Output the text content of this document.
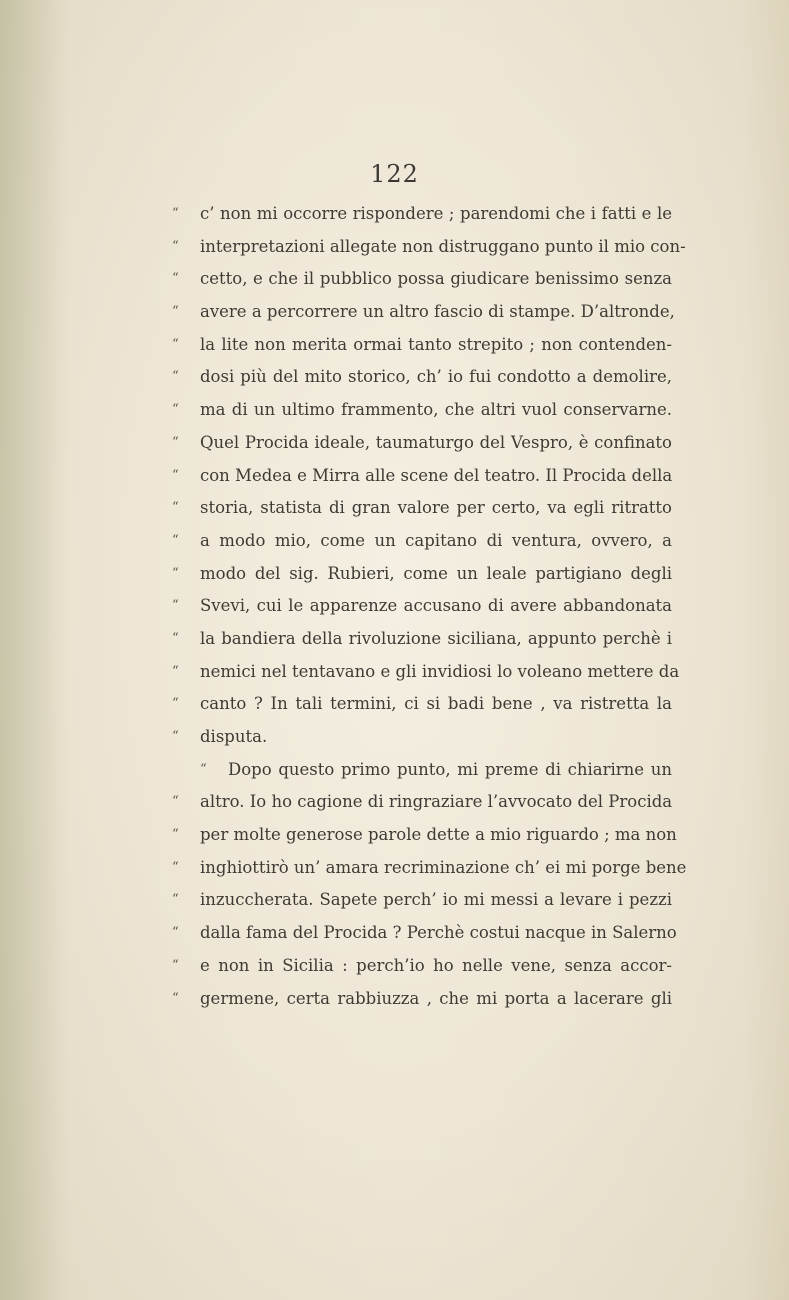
122
“ c’ non mi occorre rispondere ; parendomi che i fatti e le
“ interpretazioni allegate non distruggano punto il mio con-
“ cetto, e che il pubblico possa giudicare benissimo senza
“ avere a percorrere un altro fascio di stampe. D’altronde,
“ la lite non merita ormai tanto strepito ; non contenden-
“ dosi più del mito storico, ch’ io fui condotto a demolire,
“ ma di un ultimo frammento, che altri vuol conservarne.
“ Quel Procida ideale, taumaturgo del Vespro, è confinato
“ con Medea e Mirra alle scene del teatro. Il Procida della
“ storia, statista di gran valore per certo, va egli ritratto
“ a modo mio, come un capitano di ventura, ovvero, a
“ modo del sig. Rubieri, come un leale partigiano degli
“ Svevi, cui le apparenze accusano di avere abbandonata
“ la bandiera della rivoluzione siciliana, appunto perchè i
“ nemici nel tentavano e gli invidiosi lo voleano mettere da
“ canto ? In tali termini, ci si badi bene , va ristretta la
“ disputa.
“ Dopo questo primo punto, mi preme di chiarirne un
“ altro. Io ho cagione di ringraziare l’avvocato del Procida
“ per molte generose parole dette a mio riguardo ; ma non
“ inghiottirò un’ amara recriminazione ch’ ei mi porge bene
“ inzuccherata. Sapete perch’ io mi messi a levare i pezzi
“ dalla fama del Procida ? Perchè costui nacque in Salerno
“ e non in Sicilia : perch’io ho nelle vene, senza accor-
“ germene, certa rabbiuzza , che mi porta a lacerare gli
